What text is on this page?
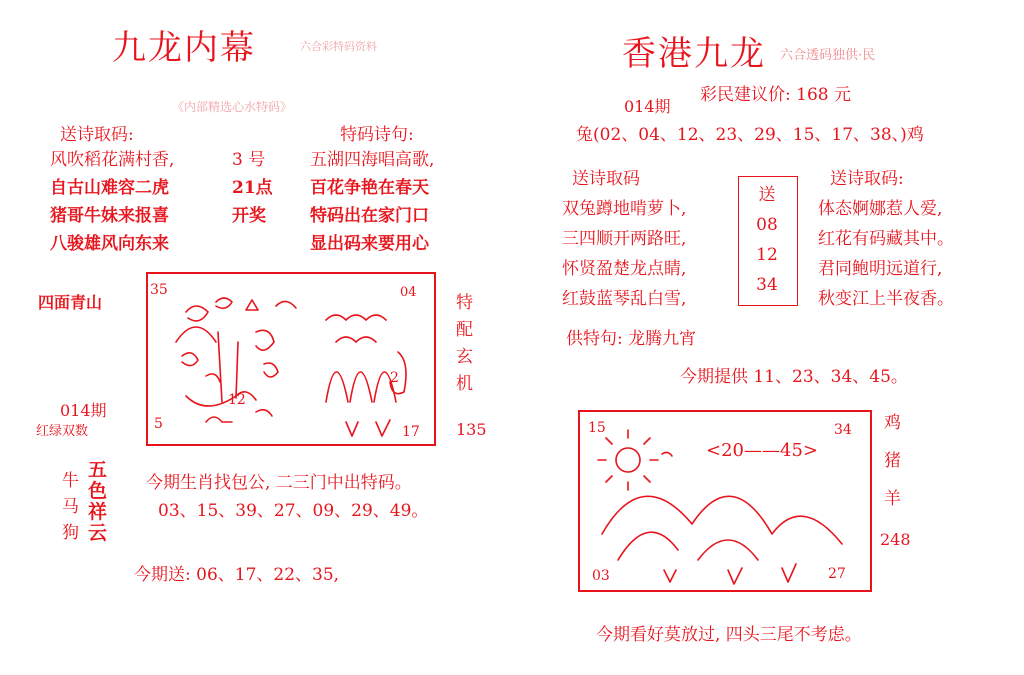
九龙内幕	六合彩特码资料
《内部精选心水特码》
送诗取码:	特码诗句:
风吹稻花满村香,
自古山难容二虎
猪哥牛妹来报喜
八骏雄风向东来
3 号
21点
开奖
五湖四海唱高歌,
百花争艳在春天
特码出在家门口
显出码来要用心
四面青山
014期
红绿双数
35	04
5
12
17
2
特
配
玄
机
135
牛
马
狗
五
色
祥
云
今期生肖找包公, 二三门中出特码。
03、15、39、27、09、29、49。
今期送: 06、17、22、35,
香港九龙 六合透码独供·民
014期
彩民建议价: 168 元
兔(02、04、12、23、29、15、17、38、)鸡
送诗取码	送诗取码:
双兔蹲地啃萝卜,
三四顺开两路旺,
怀贤盈楚龙点睛,
红鼓蓝琴乱白雪,
送
08
12
34
体态婀娜惹人爱,
红花有码藏其中。
君同鲍明远道行,
秋变江上半夜香。
供特句: 龙腾九宵
今期提供 11、23、34、45。
15	34
03	27
<20——45>
鸡
猪
羊
248
今期看好莫放过, 四头三尾不考虑。
